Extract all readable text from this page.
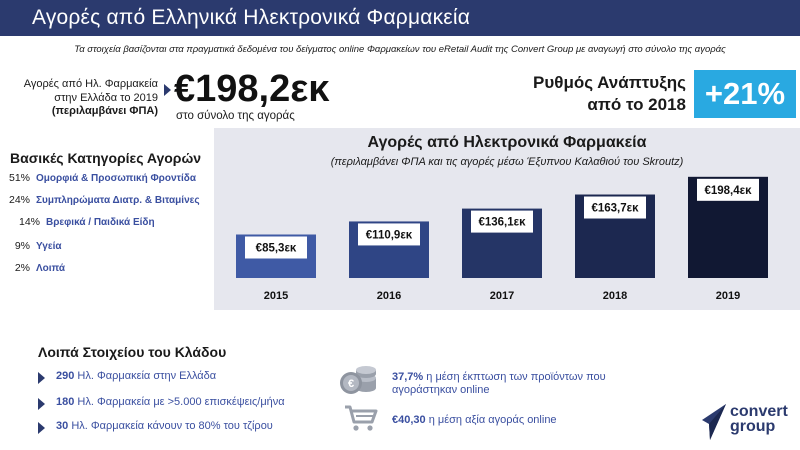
Αγορές από Ελληνικά Ηλεκτρονικά Φαρμακεία
Τα στοιχεία βασίζονται στα πραγματικά δεδομένα του δείγματος online Φαρμακείων του eRetail Audit της Convert Group με αναγωγή στο σύνολο της αγοράς
Αγορές από Ηλ. Φαρμακεία
στην Ελλάδα το 2019
(περιλαμβάνει ΦΠΑ)
€198,2εκ
στο σύνολο της αγοράς
Ρυθμός Ανάπτυξης
από το 2018 +21%
Βασικές Κατηγορίες Αγορών
51% Ομορφιά & Προσωπική Φροντίδα
24% Συμπληρώματα Διατρ. & Βιταμίνες
14% Βρεφικά / Παιδικά Είδη
9% Υγεία
2% Λοιπά
Αγορές από Ηλεκτρονικά Φαρμακεία
(περιλαμβάνει ΦΠΑ και τις αγορές μέσω Έξυπνου Καλαθιού του Skroutz)
€85,3εκ
2015
€110,9εκ
2016
€136,1εκ
2017
€163,7εκ
2018
€198,4εκ
2019
Λοιπά Στοιχείου του Κλάδου
290 Ηλ. Φαρμακεία στην Ελλάδα
180 Ηλ. Φαρμακεία με >5.000 επισκέψεις/μήνα
30 Ηλ. Φαρμακεία κάνουν το 80% του τζίρου
€
37,7% η μέση έκπτωση των προϊόντων που
αγοράστηκαν online
€40,30 η μέση αξία αγοράς online	convert
group
